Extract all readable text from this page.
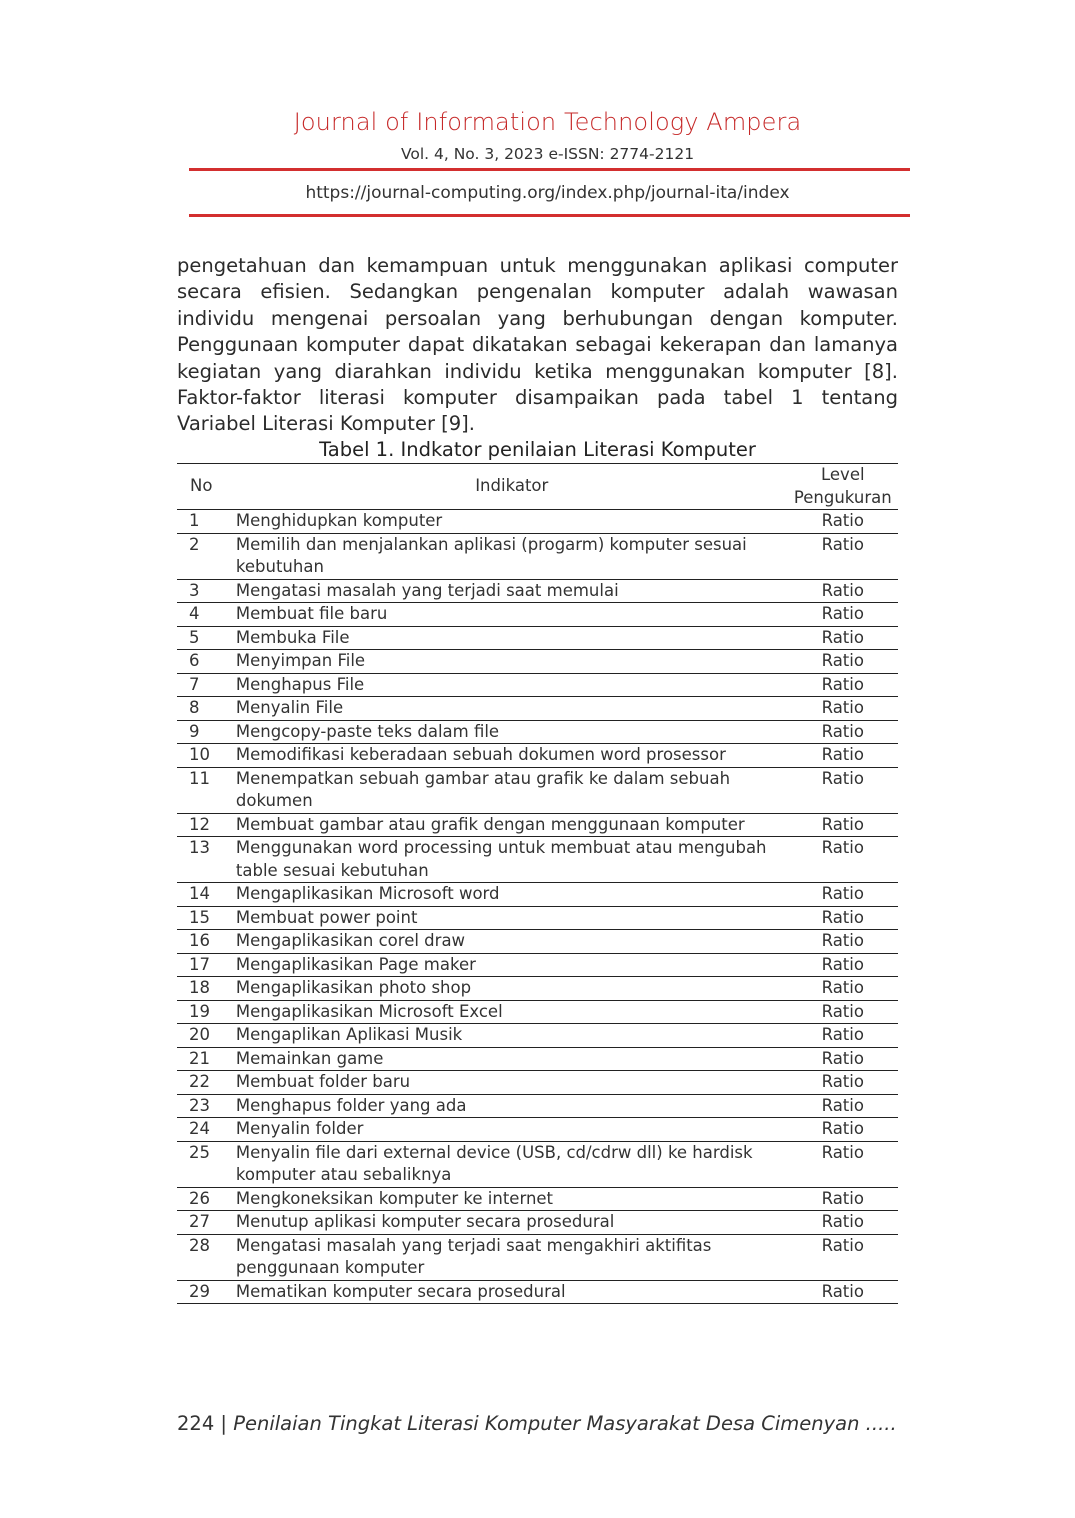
Journal of Information Technology Ampera
Vol. 4, No. 3, 2023 e-ISSN: 2774-2121
https://journal-computing.org/index.php/journal-ita/index

pengetahuan dan kemampuan untuk menggunakan aplikasi computer secara efisien. Sedangkan pengenalan komputer adalah wawasan individu mengenai persoalan yang berhubungan dengan komputer. Penggunaan komputer dapat dikatakan sebagai kekerapan dan lamanya kegiatan yang diarahkan individu ketika menggunakan komputer [8]. Faktor-faktor literasi komputer disampaikan pada tabel 1 tentang Variabel Literasi Komputer [9].

Tabel 1. Indkator penilaian Literasi Komputer
No	Indikator	Level
Pengukuran
1	Menghidupkan komputer	Ratio
2	Memilih dan menjalankan aplikasi (progarm) komputer sesuai kebutuhan	Ratio
3	Mengatasi masalah yang terjadi saat memulai	Ratio
4	Membuat file baru	Ratio
5	Membuka File	Ratio
6	Menyimpan File	Ratio
7	Menghapus File	Ratio
8	Menyalin File	Ratio
9	Mengcopy-paste teks dalam file	Ratio
10	Memodifikasi keberadaan sebuah dokumen word prosessor	Ratio
11	Menempatkan sebuah gambar atau grafik ke dalam sebuah dokumen	Ratio
12	Membuat gambar atau grafik dengan menggunaan komputer	Ratio
13	Menggunakan word processing untuk membuat atau mengubah table sesuai kebutuhan	Ratio
14	Mengaplikasikan Microsoft word	Ratio
15	Membuat power point	Ratio
16	Mengaplikasikan corel draw	Ratio
17	Mengaplikasikan Page maker	Ratio
18	Mengaplikasikan photo shop	Ratio
19	Mengaplikasikan Microsoft Excel	Ratio
20	Mengaplikan Aplikasi Musik	Ratio
21	Memainkan game	Ratio
22	Membuat folder baru	Ratio
23	Menghapus folder yang ada	Ratio
24	Menyalin folder	Ratio
25	Menyalin file dari external device (USB, cd/cdrw dll) ke hardisk komputer atau sebaliknya	Ratio
26	Mengkoneksikan komputer ke internet	Ratio
27	Menutup aplikasi komputer secara prosedural	Ratio
28	Mengatasi masalah yang terjadi saat mengakhiri aktifitas penggunaan komputer	Ratio
29	Mematikan komputer secara prosedural	Ratio
224 | Penilaian Tingkat Literasi Komputer Masyarakat Desa Cimenyan .....
